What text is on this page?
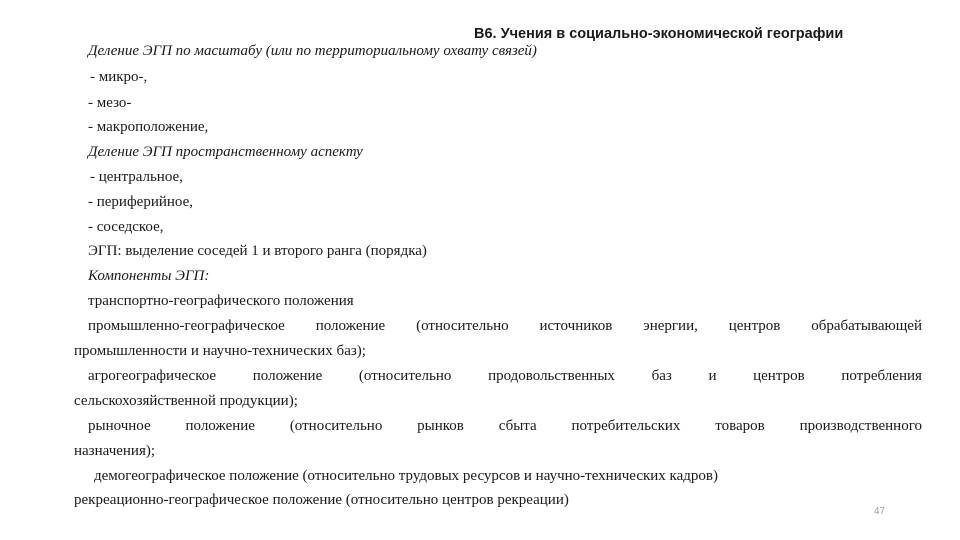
В6. Учения в социально-экономической географии
Деление ЭГП по масштабу (или по территориальному охвату связей)
- микро-,
- мезо-
- макроположение,
Деление ЭГП пространственному аспекту
- центральное,
- периферийное,
- соседское,
ЭГП: выделение соседей 1 и второго ранга (порядка)
Компоненты ЭГП:
транспортно-географического положения
промышленно-географическое положение (относительно источников энергии, центров обрабатывающей
промышленности и научно-технических баз);
агрогеографическое положение (относительно продовольственных баз и центров потребления
сельскохозяйственной продукции);
рыночное положение (относительно рынков сбыта потребительских товаров производственного
назначения);
демогеографическое положение (относительно трудовых ресурсов и научно-технических кадров)
рекреационно-географическое положение (относительно центров рекреации)
47
